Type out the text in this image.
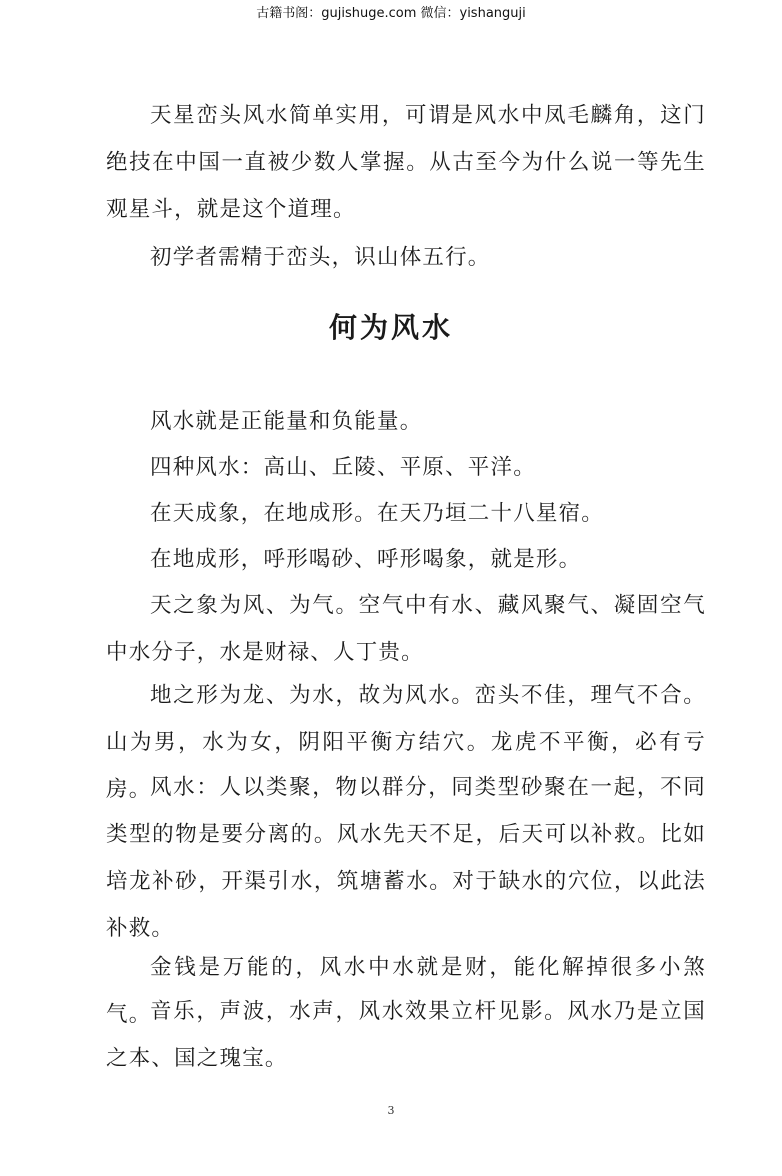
古籍书阁：gujishuge.com 微信：yishanguji

天星峦头风水简单实用，可谓是风水中凤毛麟角，这门绝技在中国一直被少数人掌握。从古至今为什么说一等先生观星斗，就是这个道理。

初学者需精于峦头，识山体五行。

何为风水

风水就是正能量和负能量。

四种风水：高山、丘陵、平原、平洋。

在天成象，在地成形。在天乃垣二十八星宿。

在地成形，呼形喝砂、呼形喝象，就是形。

天之象为风、为气。空气中有水、藏风聚气、凝固空气中水分子，水是财禄、人丁贵。

地之形为龙、为水，故为风水。峦头不佳，理气不合。山为男，水为女，阴阳平衡方结穴。龙虎不平衡，必有亏房。

风水：人以类聚，物以群分，同类型砂聚在一起，不同类型的物是要分离的。风水先天不足，后天可以补救。比如培龙补砂，开渠引水，筑塘蓄水。对于缺水的穴位，以此法补救。

金钱是万能的，风水中水就是财，能化解掉很多小煞气。

音乐，声波，水声，风水效果立杆见影。风水乃是立国之本、国之瑰宝。

3
